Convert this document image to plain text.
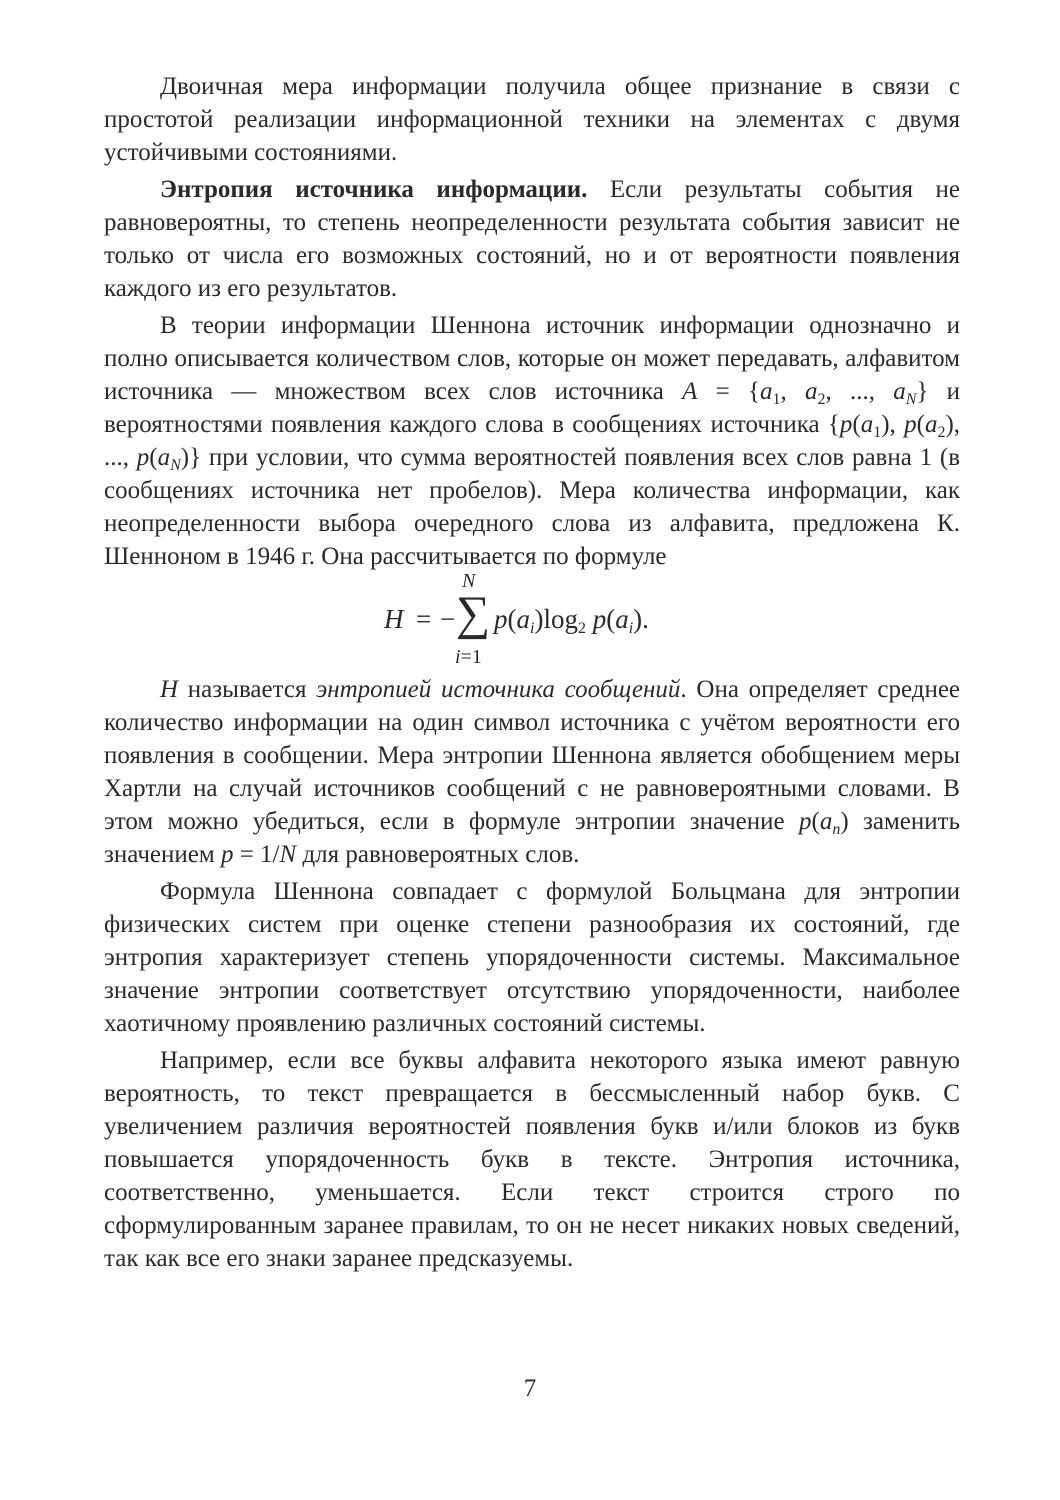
Двоичная мера информации получила общее признание в связи с простотой реализации информационной техники на элементах с двумя устойчивыми состояниями.

Энтропия источника информации. Если результаты события не равновероятны, то степень неопределенности результата события зависит не только от числа его возможных состояний, но и от вероятности появления каждого из его результатов.

В теории информации Шеннона источник информации однозначно и полно описывается количеством слов, которые он может передавать, алфавитом источника — множеством всех слов источника $A = \{a_1$, $a_2$, ..., $a_N$} и вероятностями появления каждого слова в сообщениях источника {$p(a_1)$, $p(a_2)$, ..., $p(a_N)$} при условии, что сумма вероятностей появления всех слов равна 1 (в сообщениях источника нет пробелов). Мера количества информации, как неопределенности выбора очередного слова из алфавита, предложена К. Шенноном в 1946 г. Она рассчитывается по формуле

H = − ∑
N
i=1
$p(a_i)\log_2$ $p(a_i)$.

H называется энтропией источника сообщений. Она определяет среднее количество информации на один символ источника с учётом вероятности его появления в сообщении. Мера энтропии Шеннона является обобщением меры Хартли на случай источников сообщений с не равновероятными словами. В этом можно убедиться, если в формуле энтропии значение $p(a_n)$ заменить значением p = 1/N для равновероятных слов.

Формула Шеннона совпадает с формулой Больцмана для энтропии физических систем при оценке степени разнообразия их состояний, где энтропия характеризует степень упорядоченности системы. Максимальное значение энтропии соответствует отсутствию упорядоченности, наиболее хаотичному проявлению различных состояний системы.

Например, если все буквы алфавита некоторого языка имеют равную вероятность, то текст превращается в бессмысленный набор букв. С увеличением различия вероятностей появления букв и/или блоков из букв повышается упорядоченность букв в тексте. Энтропия источника, соответственно, уменьшается. Если текст строится строго по сформулированным заранее правилам, то он не несет никаких новых сведений, так как все его знаки заранее предсказуемы.

7
